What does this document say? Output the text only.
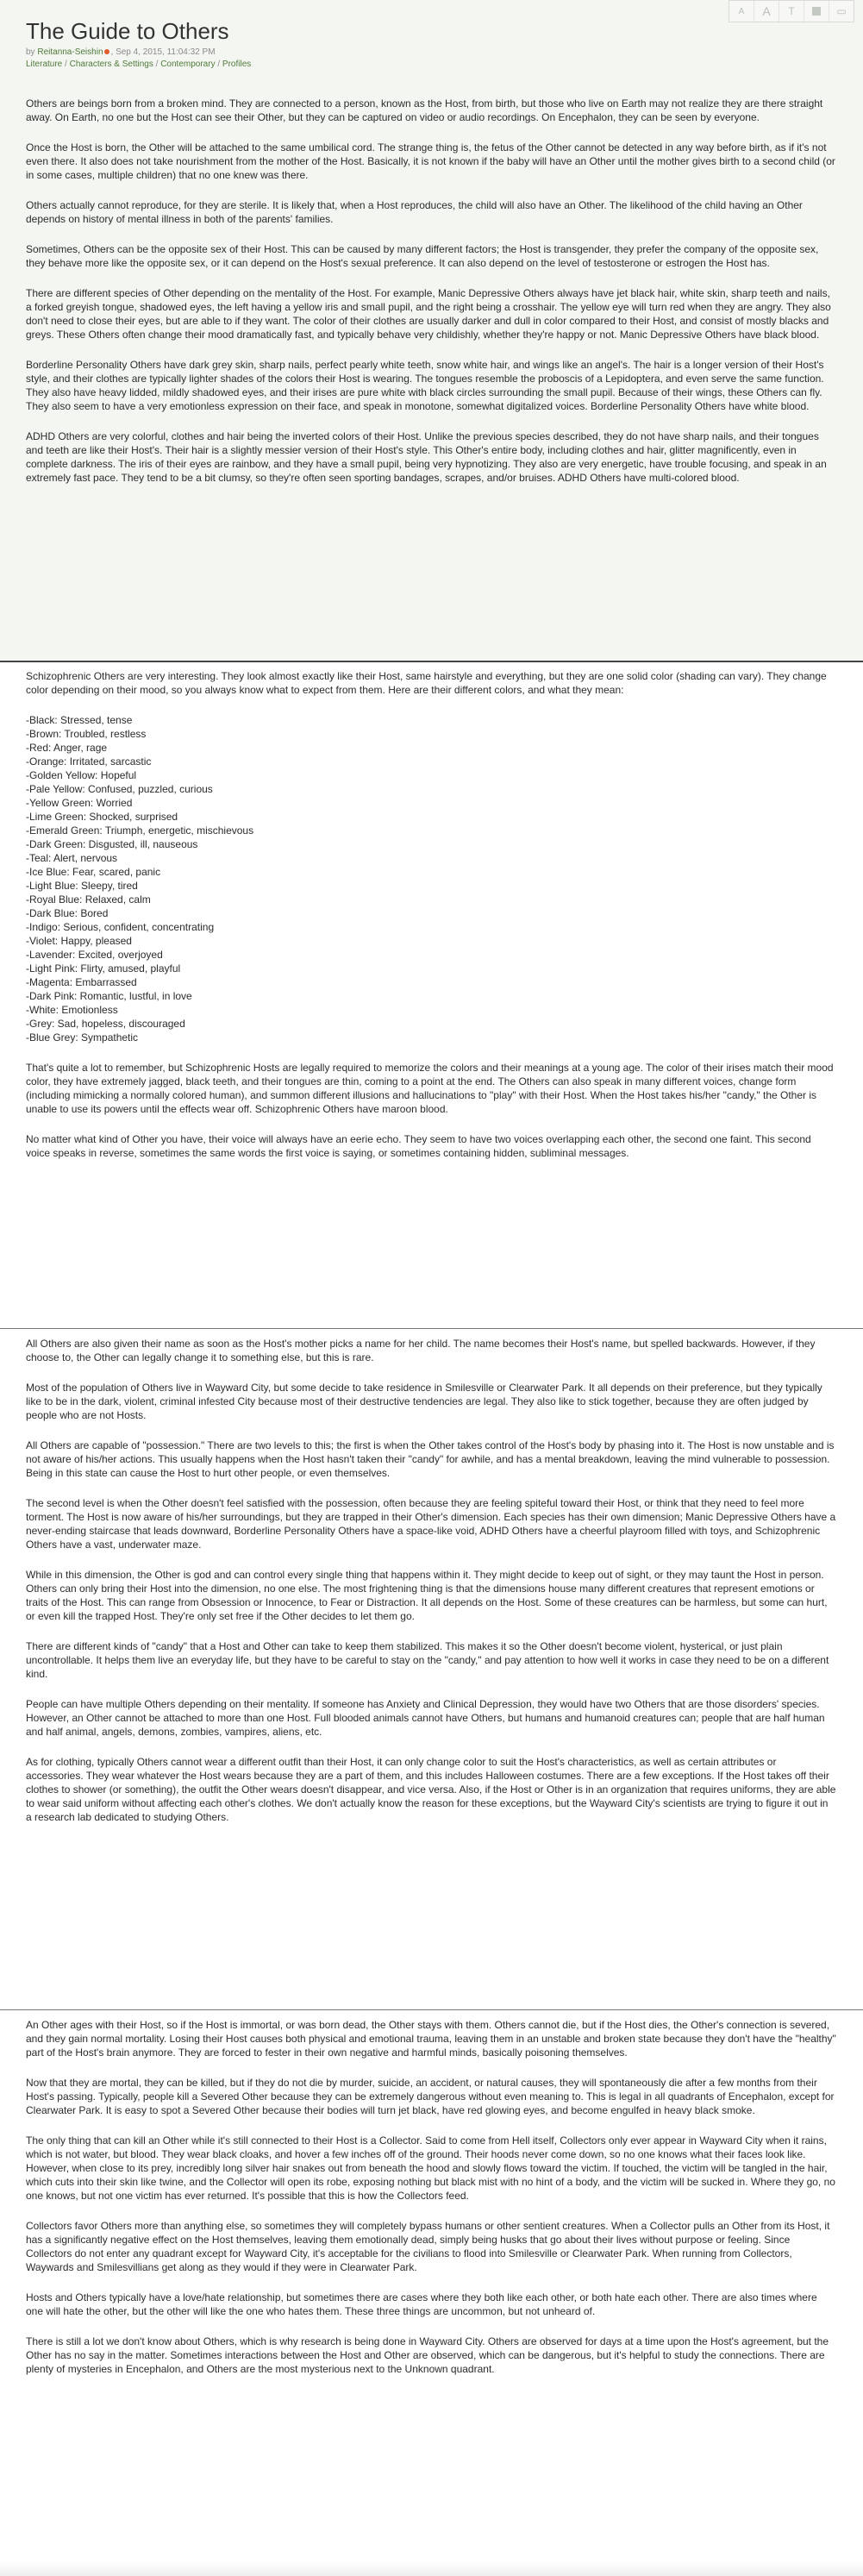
A	A	T	▭
The Guide to Others
by Reitanna-Seishin , Sep 4, 2015, 11:04:32 PM
Literature / Characters & Settings / Contemporary / Profiles

Others are beings born from a broken mind. They are connected to a person, known as the Host, from birth, but those who live on Earth may not realize they are there straight away. On Earth, no one but the Host can see their Other, but they can be captured on video or audio recordings. On Encephalon, they can be seen by everyone.

Once the Host is born, the Other will be attached to the same umbilical cord. The strange thing is, the fetus of the Other cannot be detected in any way before birth, as if it's not even there. It also does not take nourishment from the mother of the Host. Basically, it is not known if the baby will have an Other until the mother gives birth to a second child (or in some cases, multiple children) that no one knew was there.

Others actually cannot reproduce, for they are sterile. It is likely that, when a Host reproduces, the child will also have an Other. The likelihood of the child having an Other depends on history of mental illness in both of the parents' families.

Sometimes, Others can be the opposite sex of their Host. This can be caused by many different factors; the Host is transgender, they prefer the company of the opposite sex, they behave more like the opposite sex, or it can depend on the Host's sexual preference. It can also depend on the level of testosterone or estrogen the Host has.

There are different species of Other depending on the mentality of the Host. For example, Manic Depressive Others always have jet black hair, white skin, sharp teeth and nails, a forked greyish tongue, shadowed eyes, the left having a yellow iris and small pupil, and the right being a crosshair. The yellow eye will turn red when they are angry. They also don't need to close their eyes, but are able to if they want. The color of their clothes are usually darker and dull in color compared to their Host, and consist of mostly blacks and greys. These Others often change their mood dramatically fast, and typically behave very childishly, whether they're happy or not. Manic Depressive Others have black blood.

Borderline Personality Others have dark grey skin, sharp nails, perfect pearly white teeth, snow white hair, and wings like an angel's. The hair is a longer version of their Host's style, and their clothes are typically lighter shades of the colors their Host is wearing. The tongues resemble the proboscis of a Lepidoptera, and even serve the same function. They also have heavy lidded, mildly shadowed eyes, and their irises are pure white with black circles surrounding the small pupil. Because of their wings, these Others can fly. They also seem to have a very emotionless expression on their face, and speak in monotone, somewhat digitalized voices. Borderline Personality Others have white blood.

ADHD Others are very colorful, clothes and hair being the inverted colors of their Host. Unlike the previous species described, they do not have sharp nails, and their tongues and teeth are like their Host's. Their hair is a slightly messier version of their Host's style. This Other's entire body, including clothes and hair, glitter magnificently, even in complete darkness. The iris of their eyes are rainbow, and they have a small pupil, being very hypnotizing. They also are very energetic, have trouble focusing, and speak in an extremely fast pace. They tend to be a bit clumsy, so they're often seen sporting bandages, scrapes, and/or bruises. ADHD Others have multi-colored blood.

Schizophrenic Others are very interesting. They look almost exactly like their Host, same hairstyle and everything, but they are one solid color (shading can vary). They change color depending on their mood, so you always know what to expect from them. Here are their different colors, and what they mean:

-Black: Stressed, tense
-Brown: Troubled, restless
-Red: Anger, rage
-Orange: Irritated, sarcastic
-Golden Yellow: Hopeful
-Pale Yellow: Confused, puzzled, curious
-Yellow Green: Worried
-Lime Green: Shocked, surprised
-Emerald Green: Triumph, energetic, mischievous
-Dark Green: Disgusted, ill, nauseous
-Teal: Alert, nervous
-Ice Blue: Fear, scared, panic
-Light Blue: Sleepy, tired
-Royal Blue: Relaxed, calm
-Dark Blue: Bored
-Indigo: Serious, confident, concentrating
-Violet: Happy, pleased
-Lavender: Excited, overjoyed
-Light Pink: Flirty, amused, playful
-Magenta: Embarrassed
-Dark Pink: Romantic, lustful, in love
-White: Emotionless
-Grey: Sad, hopeless, discouraged
-Blue Grey: Sympathetic

That's quite a lot to remember, but Schizophrenic Hosts are legally required to memorize the colors and their meanings at a young age. The color of their irises match their mood color, they have extremely jagged, black teeth, and their tongues are thin, coming to a point at the end. The Others can also speak in many different voices, change form (including mimicking a normally colored human), and summon different illusions and hallucinations to "play" with their Host. When the Host takes his/her "candy," the Other is unable to use its powers until the effects wear off. Schizophrenic Others have maroon blood.

No matter what kind of Other you have, their voice will always have an eerie echo. They seem to have two voices overlapping each other, the second one faint. This second voice speaks in reverse, sometimes the same words the first voice is saying, or sometimes containing hidden, subliminal messages.

All Others are also given their name as soon as the Host's mother picks a name for her child. The name becomes their Host's name, but spelled backwards. However, if they choose to, the Other can legally change it to something else, but this is rare.

Most of the population of Others live in Wayward City, but some decide to take residence in Smilesville or Clearwater Park. It all depends on their preference, but they typically like to be in the dark, violent, criminal infested City because most of their destructive tendencies are legal. They also like to stick together, because they are often judged by people who are not Hosts.

All Others are capable of "possession." There are two levels to this; the first is when the Other takes control of the Host's body by phasing into it. The Host is now unstable and is not aware of his/her actions. This usually happens when the Host hasn't taken their "candy" for awhile, and has a mental breakdown, leaving the mind vulnerable to possession. Being in this state can cause the Host to hurt other people, or even themselves.

The second level is when the Other doesn't feel satisfied with the possession, often because they are feeling spiteful toward their Host, or think that they need to feel more torment. The Host is now aware of his/her surroundings, but they are trapped in their Other's dimension. Each species has their own dimension; Manic Depressive Others have a never-ending staircase that leads downward, Borderline Personality Others have a space-like void, ADHD Others have a cheerful playroom filled with toys, and Schizophrenic Others have a vast, underwater maze.

While in this dimension, the Other is god and can control every single thing that happens within it. They might decide to keep out of sight, or they may taunt the Host in person. Others can only bring their Host into the dimension, no one else. The most frightening thing is that the dimensions house many different creatures that represent emotions or traits of the Host. This can range from Obsession or Innocence, to Fear or Distraction. It all depends on the Host. Some of these creatures can be harmless, but some can hurt, or even kill the trapped Host. They're only set free if the Other decides to let them go.

There are different kinds of "candy" that a Host and Other can take to keep them stabilized. This makes it so the Other doesn't become violent, hysterical, or just plain uncontrollable. It helps them live an everyday life, but they have to be careful to stay on the "candy," and pay attention to how well it works in case they need to be on a different kind.

People can have multiple Others depending on their mentality. If someone has Anxiety and Clinical Depression, they would have two Others that are those disorders' species. However, an Other cannot be attached to more than one Host. Full blooded animals cannot have Others, but humans and humanoid creatures can; people that are half human and half animal, angels, demons, zombies, vampires, aliens, etc.

As for clothing, typically Others cannot wear a different outfit than their Host, it can only change color to suit the Host's characteristics, as well as certain attributes or accessories. They wear whatever the Host wears because they are a part of them, and this includes Halloween costumes. There are a few exceptions. If the Host takes off their clothes to shower (or something), the outfit the Other wears doesn't disappear, and vice versa. Also, if the Host or Other is in an organization that requires uniforms, they are able to wear said uniform without affecting each other's clothes. We don't actually know the reason for these exceptions, but the Wayward City's scientists are trying to figure it out in a research lab dedicated to studying Others.

An Other ages with their Host, so if the Host is immortal, or was born dead, the Other stays with them. Others cannot die, but if the Host dies, the Other's connection is severed, and they gain normal mortality. Losing their Host causes both physical and emotional trauma, leaving them in an unstable and broken state because they don't have the "healthy" part of the Host's brain anymore. They are forced to fester in their own negative and harmful minds, basically poisoning themselves.

Now that they are mortal, they can be killed, but if they do not die by murder, suicide, an accident, or natural causes, they will spontaneously die after a few months from their Host's passing. Typically, people kill a Severed Other because they can be extremely dangerous without even meaning to. This is legal in all quadrants of Encephalon, except for Clearwater Park. It is easy to spot a Severed Other because their bodies will turn jet black, have red glowing eyes, and become engulfed in heavy black smoke.

The only thing that can kill an Other while it's still connected to their Host is a Collector. Said to come from Hell itself, Collectors only ever appear in Wayward City when it rains, which is not water, but blood. They wear black cloaks, and hover a few inches off of the ground. Their hoods never come down, so no one knows what their faces look like. However, when close to its prey, incredibly long silver hair snakes out from beneath the hood and slowly flows toward the victim. If touched, the victim will be tangled in the hair, which cuts into their skin like twine, and the Collector will open its robe, exposing nothing but black mist with no hint of a body, and the victim will be sucked in. Where they go, no one knows, but not one victim has ever returned. It's possible that this is how the Collectors feed.

Collectors favor Others more than anything else, so sometimes they will completely bypass humans or other sentient creatures. When a Collector pulls an Other from its Host, it has a significantly negative effect on the Host themselves, leaving them emotionally dead, simply being husks that go about their lives without purpose or feeling. Since Collectors do not enter any quadrant except for Wayward City, it's acceptable for the civilians to flood into Smilesville or Clearwater Park. When running from Collectors, Waywards and Smilesvillians get along as they would if they were in Clearwater Park.

Hosts and Others typically have a love/hate relationship, but sometimes there are cases where they both like each other, or both hate each other. There are also times where one will hate the other, but the other will like the one who hates them. These three things are uncommon, but not unheard of.

There is still a lot we don't know about Others, which is why research is being done in Wayward City. Others are observed for days at a time upon the Host's agreement, but the Other has no say in the matter. Sometimes interactions between the Host and Other are observed, which can be dangerous, but it's helpful to study the connections. There are plenty of mysteries in Encephalon, and Others are the most mysterious next to the Unknown quadrant.
